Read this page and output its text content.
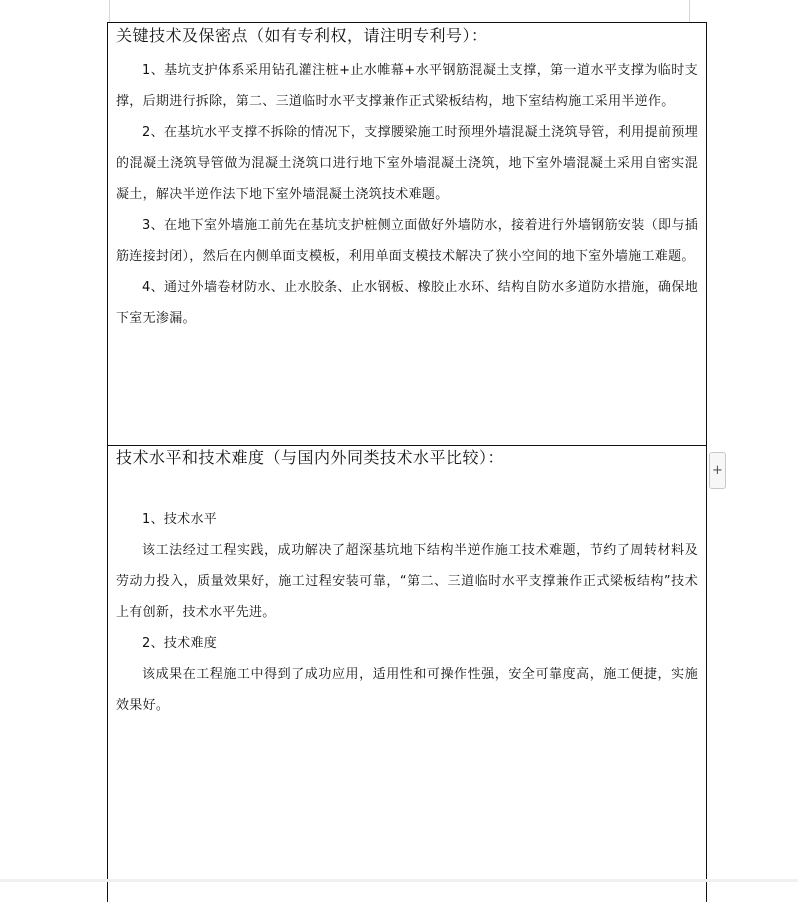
关键技术及保密点（如有专利权，请注明专利号）：

1、基坑支护体系采用钻孔灌注桩+止水帷幕+水平钢筋混凝土支撑，第一道水平支撑为临时支撑，后期进行拆除，第二、三道临时水平支撑兼作正式梁板结构，地下室结构施工采用半逆作。

2、在基坑水平支撑不拆除的情况下，支撑腰梁施工时预埋外墙混凝土浇筑导管，利用提前预埋的混凝土浇筑导管做为混凝土浇筑口进行地下室外墙混凝土浇筑，地下室外墙混凝土采用自密实混凝土，解决半逆作法下地下室外墙混凝土浇筑技术难题。

3、在地下室外墙施工前先在基坑支护桩侧立面做好外墙防水，接着进行外墙钢筋安装（即与插筋连接封闭），然后在内侧单面支模板，利用单面支模技术解决了狭小空间的地下室外墙施工难题。

4、通过外墙卷材防水、止水胶条、止水钢板、橡胶止水环、结构自防水多道防水措施，确保地下室无渗漏。

技术水平和技术难度（与国内外同类技术水平比较）：

1、技术水平

该工法经过工程实践，成功解决了超深基坑地下结构半逆作施工技术难题，节约了周转材料及劳动力投入，质量效果好，施工过程安装可靠，“第二、三道临时水平支撑兼作正式梁板结构”技术上有创新，技术水平先进。

2、技术难度

该成果在工程施工中得到了成功应用，适用性和可操作性强，安全可靠度高，施工便捷，实施效果好。

+
